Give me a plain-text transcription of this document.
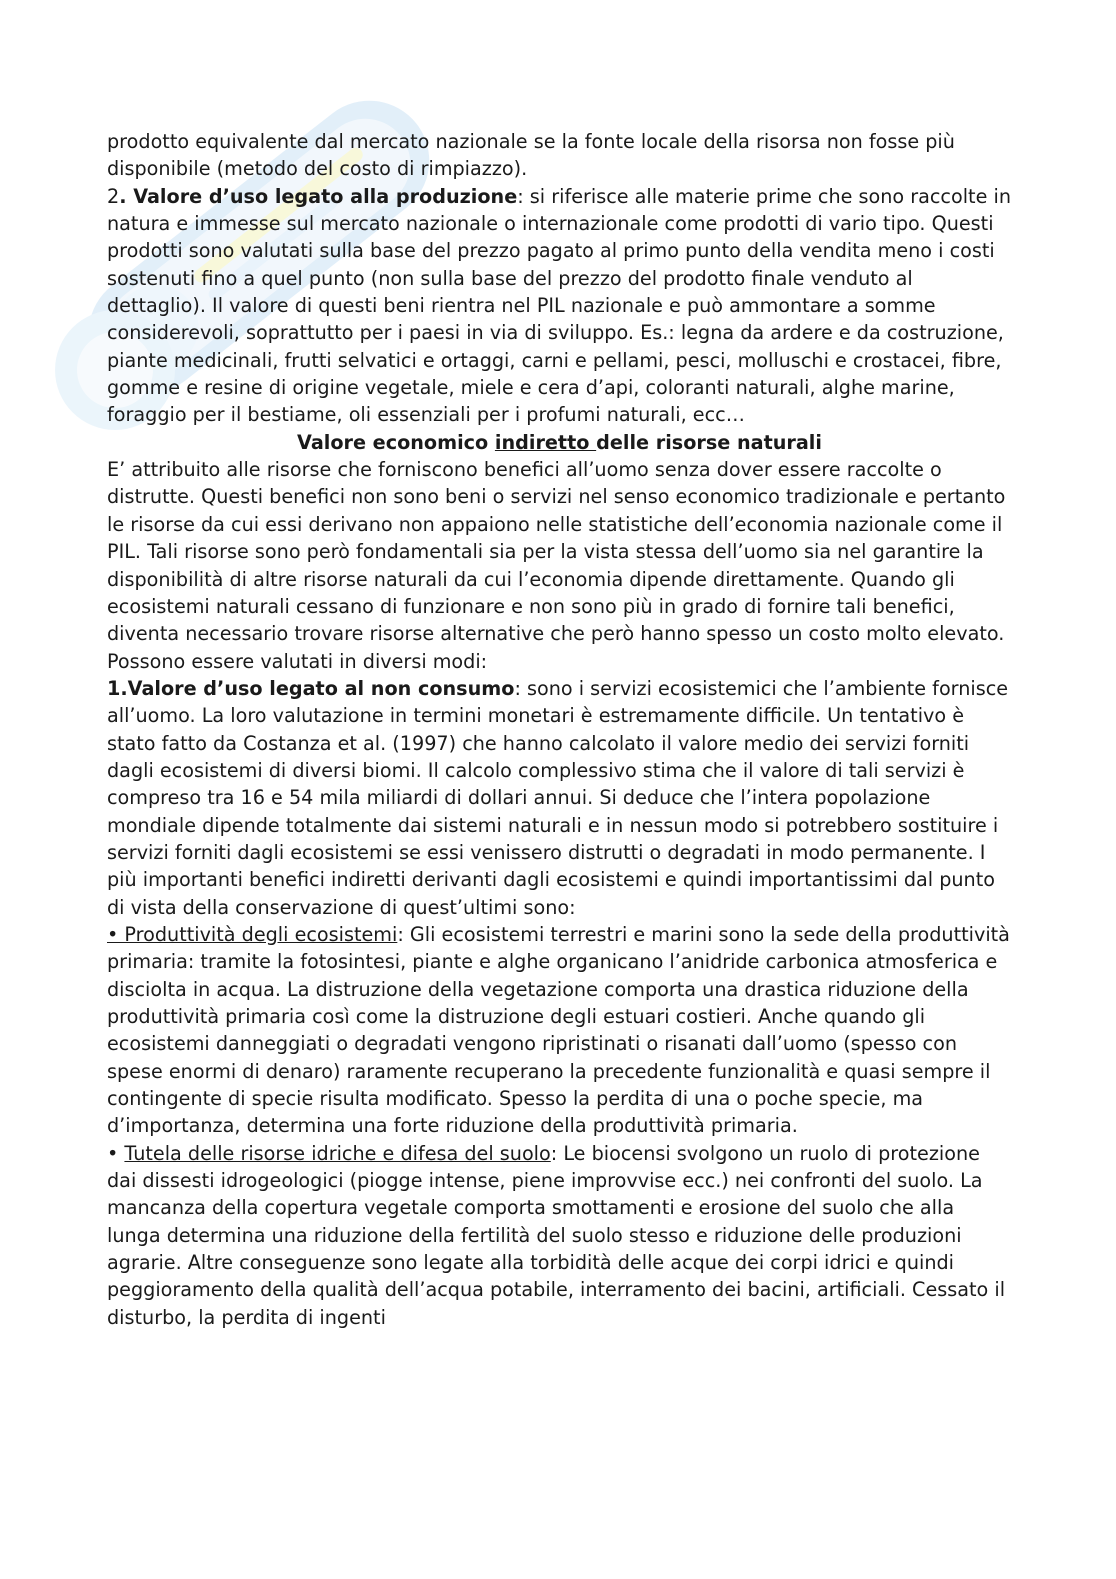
prodotto equivalente dal mercato nazionale se la fonte locale della risorsa non fosse più disponibile (metodo del costo di rimpiazzo).

2. Valore d’uso legato alla produzione: si riferisce alle materie prime che sono raccolte in natura e immesse sul mercato nazionale o internazionale come prodotti di vario tipo. Questi prodotti sono valutati sulla base del prezzo pagato al primo punto della vendita meno i costi sostenuti fino a quel punto (non sulla base del prezzo del prodotto finale venduto al dettaglio). Il valore di questi beni rientra nel PIL nazionale e può ammontare a somme considerevoli, soprattutto per i paesi in via di sviluppo. Es.: legna da ardere e da costruzione, piante medicinali, frutti selvatici e ortaggi, carni e pellami, pesci, molluschi e crostacei, fibre, gomme e resine di origine vegetale, miele e cera d’api, coloranti naturali, alghe marine, foraggio per il bestiame, oli essenziali per i profumi naturali, ecc…

Valore economico indiretto delle risorse naturali

E’ attribuito alle risorse che forniscono benefici all’uomo senza dover essere raccolte o distrutte. Questi benefici non sono beni o servizi nel senso economico tradizionale e pertanto le risorse da cui essi derivano non appaiono nelle statistiche dell’economia nazionale come il PIL. Tali risorse sono però fondamentali sia per la vista stessa dell’uomo sia nel garantire la disponibilità di altre risorse naturali da cui l’economia dipende direttamente. Quando gli ecosistemi naturali cessano di funzionare e non sono più in grado di fornire tali benefici, diventa necessario trovare risorse alternative che però hanno spesso un costo molto elevato. Possono essere valutati in diversi modi:

1.Valore d’uso legato al non consumo: sono i servizi ecosistemici che l’ambiente fornisce all’uomo. La loro valutazione in termini monetari è estremamente difficile. Un tentativo è stato fatto da Costanza et al. (1997) che hanno calcolato il valore medio dei servizi forniti dagli ecosistemi di diversi biomi. Il calcolo complessivo stima che il valore di tali servizi è compreso tra 16 e 54 mila miliardi di dollari annui. Si deduce che l’intera popolazione mondiale dipende totalmente dai sistemi naturali e in nessun modo si potrebbero sostituire i servizi forniti dagli ecosistemi se essi venissero distrutti o degradati in modo permanente. I più importanti benefici indiretti derivanti dagli ecosistemi e quindi importantissimi dal punto di vista della conservazione di quest’ultimi sono:

• Produttività degli ecosistemi: Gli ecosistemi terrestri e marini sono la sede della produttività primaria: tramite la fotosintesi, piante e alghe organicano l’anidride carbonica atmosferica e disciolta in acqua. La distruzione della vegetazione comporta una drastica riduzione della produttività primaria così come la distruzione degli estuari costieri. Anche quando gli ecosistemi danneggiati o degradati vengono ripristinati o risanati dall’uomo (spesso con spese enormi di denaro) raramente recuperano la precedente funzionalità e quasi sempre il contingente di specie risulta modificato. Spesso la perdita di una o poche specie, ma d’importanza, determina una forte riduzione della produttività primaria.

• Tutela delle risorse idriche e difesa del suolo: Le biocensi svolgono un ruolo di protezione dai dissesti idrogeologici (piogge intense, piene improvvise ecc.) nei confronti del suolo. La mancanza della copertura vegetale comporta smottamenti e erosione del suolo che alla lunga determina una riduzione della fertilità del suolo stesso e riduzione delle produzioni agrarie. Altre conseguenze sono legate alla torbidità delle acque dei corpi idrici e quindi peggioramento della qualità dell’acqua potabile, interramento dei bacini, artificiali. Cessato il disturbo, la perdita di ingenti
